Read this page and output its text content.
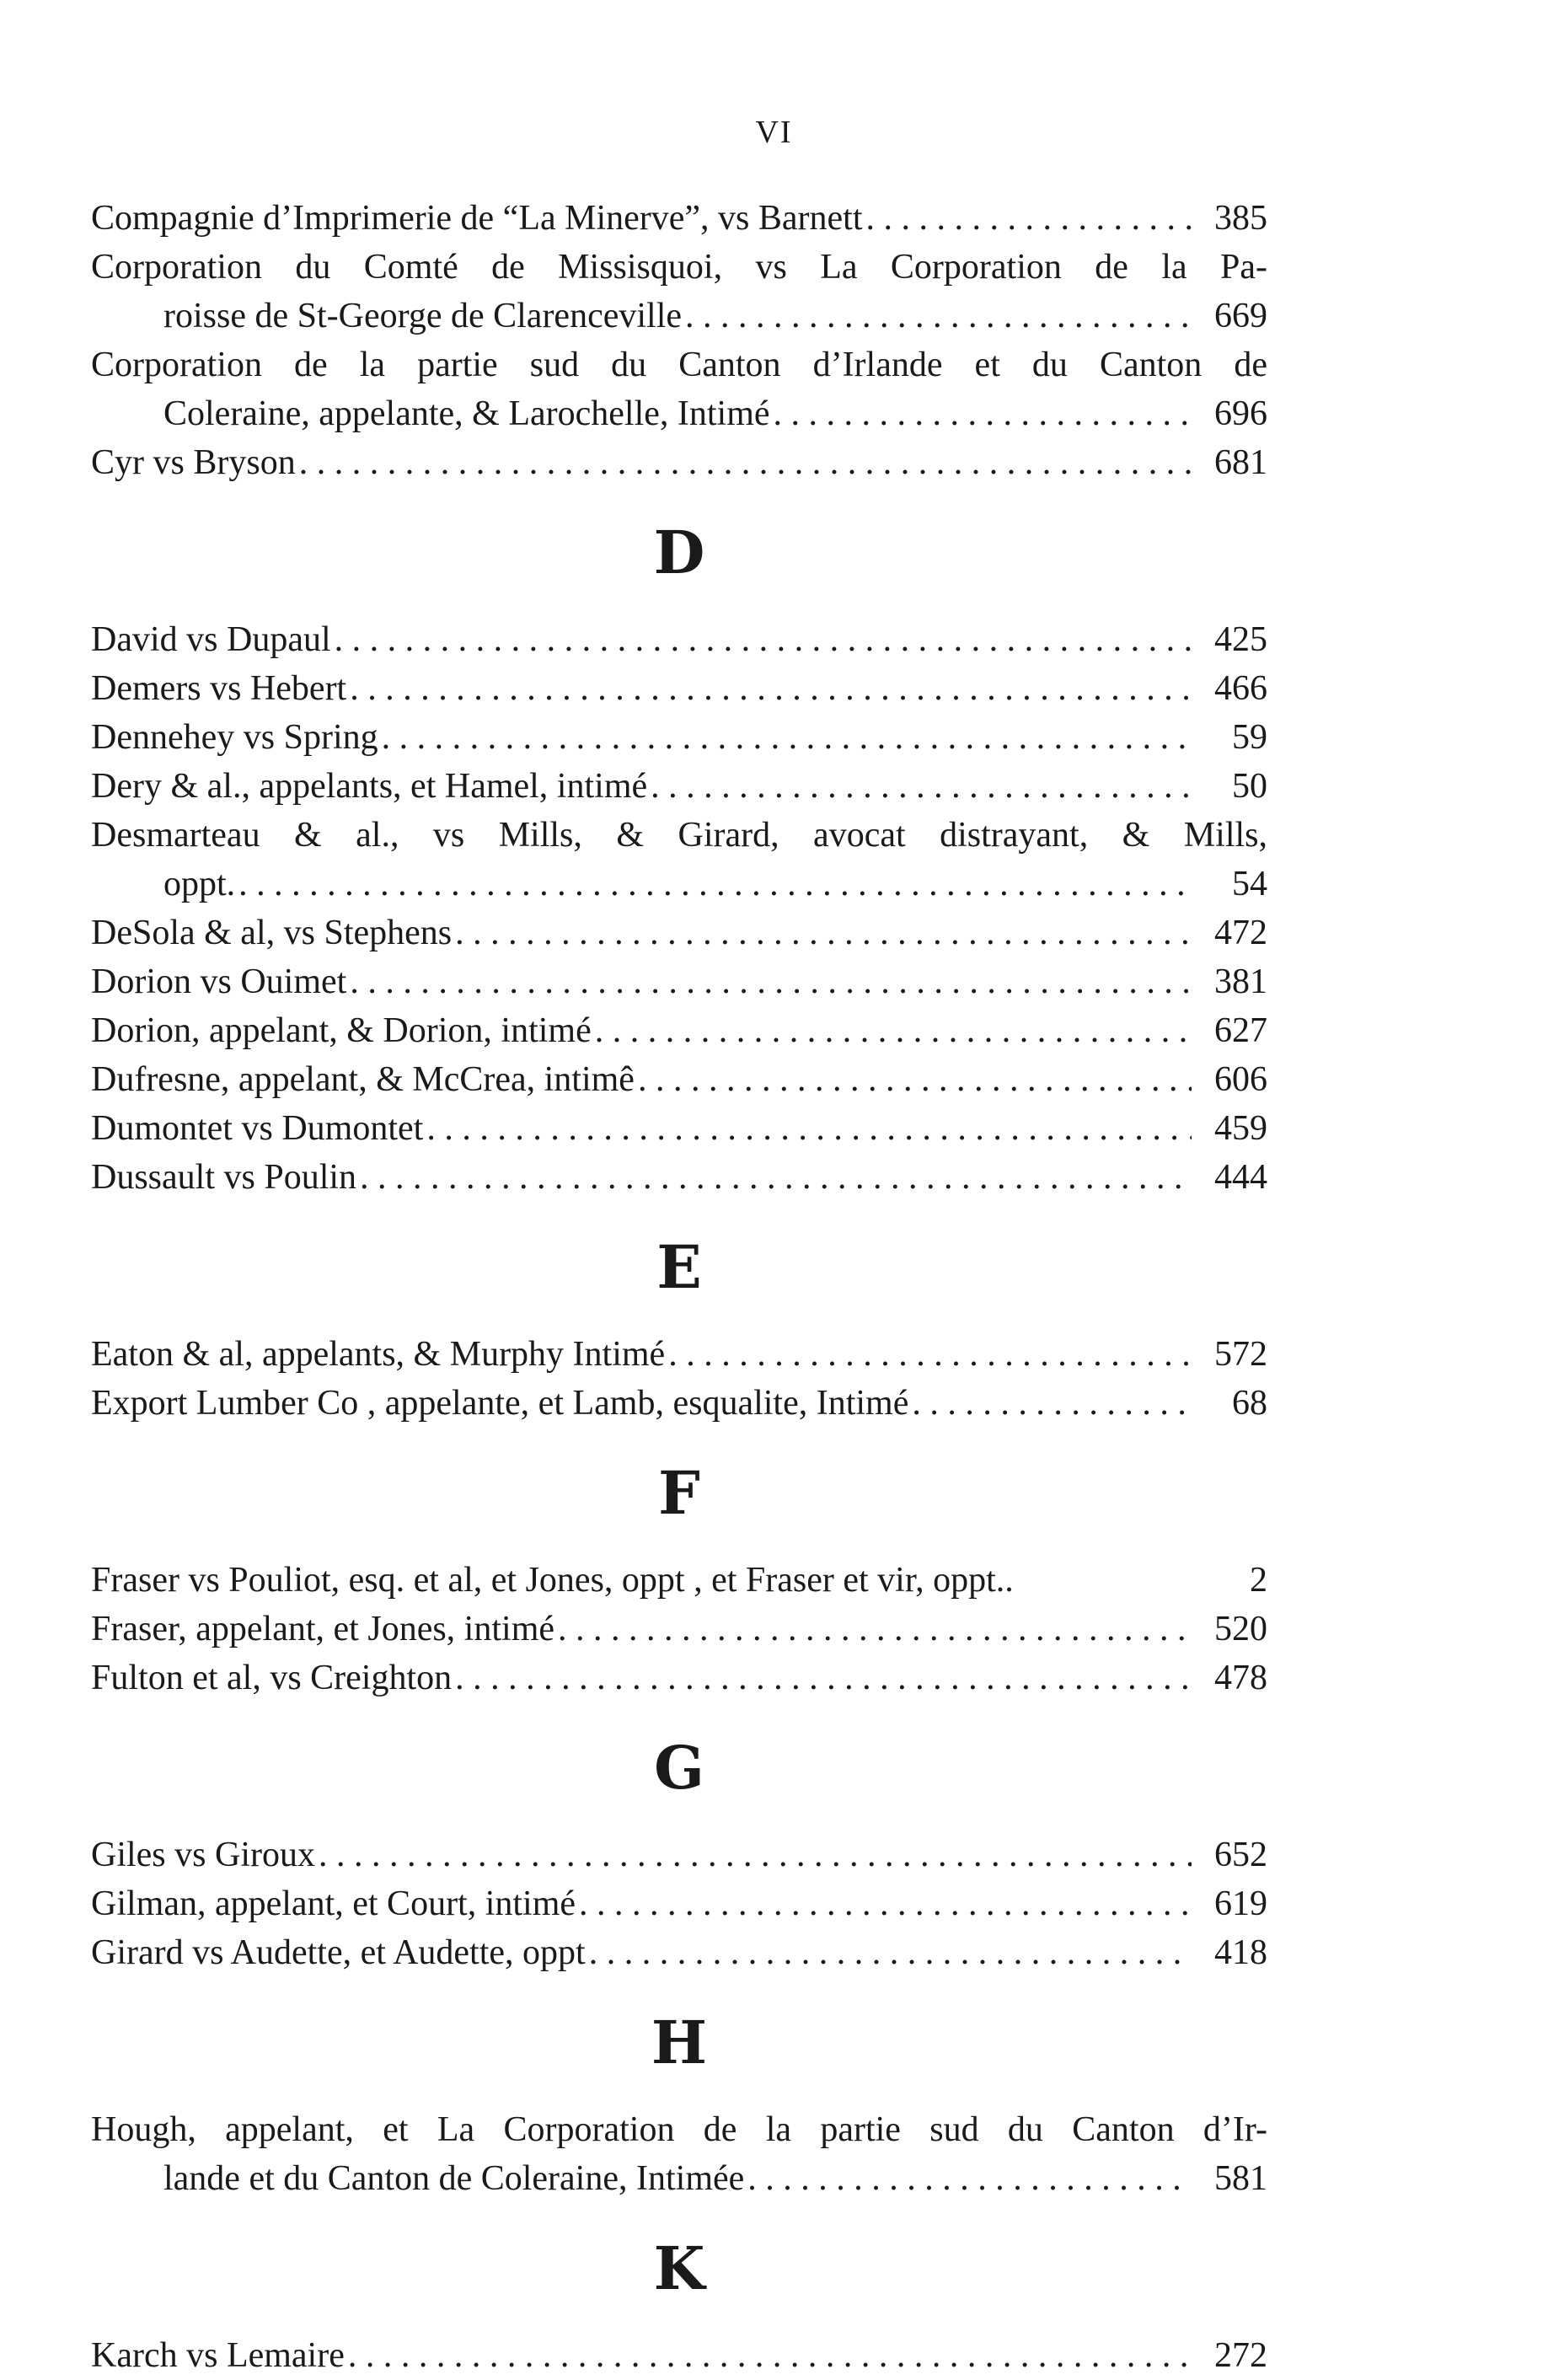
VI
Compagnie d’Imprimerie de “La Minerve”, vs Barnett . . .	385
Corporation du Comté de Missisquoi, vs La Corporation de la Pa-
roisse de St-George de Clarenceville . . .	669
Corporation de la partie sud du Canton d’Irlande et du Canton de
Coleraine, appelante, & Larochelle, Intimé . . .	696
Cyr vs Bryson . . .	681
D
David vs Dupaul . . .	425
Demers vs Hebert . . .	466
Dennehey vs Spring . . .	59
Dery & al., appelants, et Hamel, intimé . . .	50
Desmarteau & al., vs Mills, & Girard, avocat distrayant, & Mills,
oppt. . . .	54
DeSola & al, vs Stephens . . .	472
Dorion vs Ouimet . . .	381
Dorion, appelant, & Dorion, intimé . . .	627
Dufresne, appelant, & McCrea, intimê . . .	606
Dumontet vs Dumontet . . .	459
Dussault vs Poulin . . .	444
E
Eaton & al, appelants, & Murphy Intimé . . .	572
Export Lumber Co , appelante, et Lamb, esqualite, Intimé . . .	68
F
Fraser vs Pouliot, esq. et al, et Jones, oppt , et Fraser et vir, oppt..	2
Fraser, appelant, et Jones, intimé . . .	520
Fulton et al, vs Creighton . . .	478
G
Giles vs Giroux . . .	652
Gilman, appelant, et Court, intimé . . .	619
Girard vs Audette, et Audette, oppt . . .	418
H
Hough, appelant, et La Corporation de la partie sud du Canton d’Ir-
lande et du Canton de Coleraine, Intimée . . .	581
K
Karch vs Lemaire . . .	272
